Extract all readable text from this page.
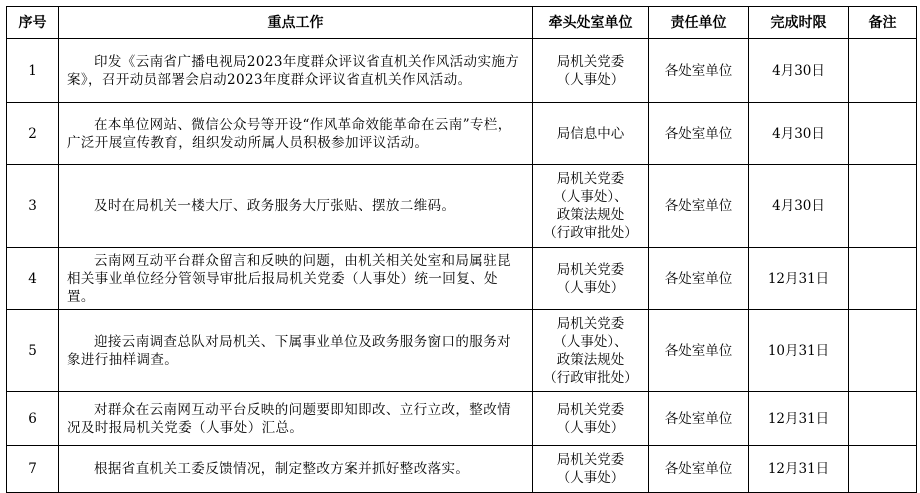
序号	重点工作	牵头处室单位	责任单位	完成时限	备注
1	印发《云南省广播电视局2023年度群众评议省直机关作风活动实施方案》，召开动员部署会启动2023年度群众评议省直机关作风活动。	局机关党委
（人事处）	各处室单位	4月30日	
2	在本单位网站、微信公众号等开设“作风革命效能革命在云南”专栏，广泛开展宣传教育，组织发动所属人员积极参加评议活动。	局信息中心	各处室单位	4月30日	
3	及时在局机关一楼大厅、政务服务大厅张贴、摆放二维码。	局机关党委
（人事处）、
政策法规处
（行政审批处）	各处室单位	4月30日	
4	云南网互动平台群众留言和反映的问题，由机关相关处室和局属驻昆相关事业单位经分管领导审批后报局机关党委（人事处）统一回复、处置。	局机关党委
（人事处）	各处室单位	12月31日	
5	迎接云南调查总队对局机关、下属事业单位及政务服务窗口的服务对象进行抽样调查。	局机关党委
（人事处）、
政策法规处
（行政审批处）	各处室单位	10月31日	
6	对群众在云南网互动平台反映的问题要即知即改、立行立改，整改情况及时报局机关党委（人事处）汇总。	局机关党委
（人事处）	各处室单位	12月31日	
7	根据省直机关工委反馈情况，制定整改方案并抓好整改落实。	局机关党委
（人事处）	各处室单位	12月31日	
